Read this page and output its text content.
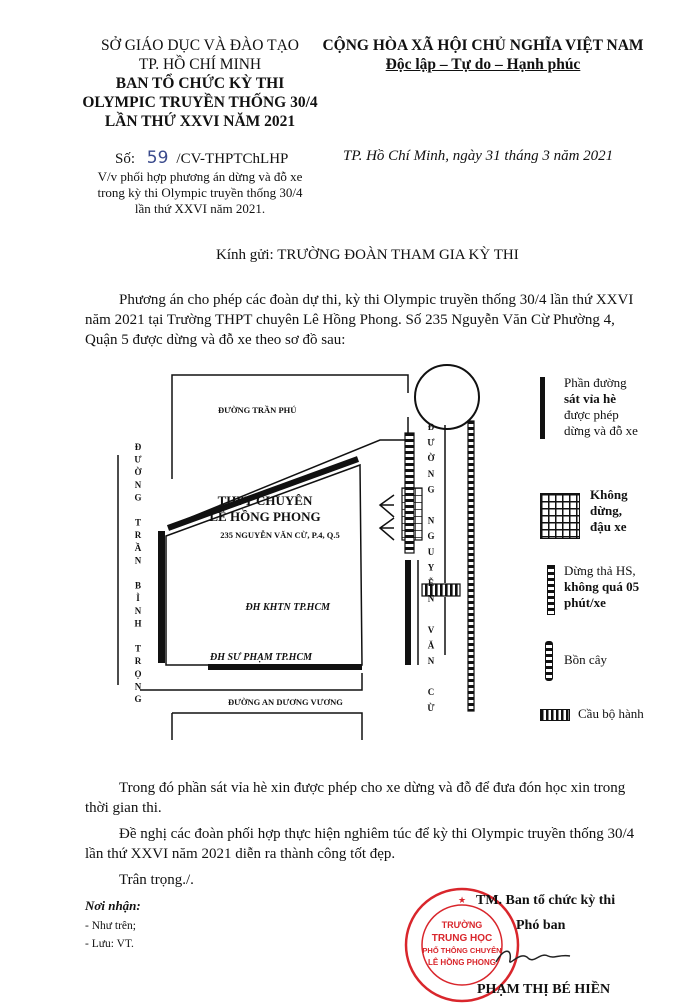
SỞ GIÁO DỤC VÀ ĐÀO TẠO
TP. HỒ CHÍ MINH
BAN TỔ CHỨC KỲ THI
OLYMPIC TRUYỀN THỐNG 30/4
LẦN THỨ XXVI NĂM 2021
CỘNG HÒA XÃ HỘI CHỦ NGHĨA VIỆT NAM
Độc lập – Tự do – Hạnh phúc
Số: 59 /CV-THPTChLHP
V/v phối hợp phương án dừng và đỗ xe
trong kỳ thi Olympic truyền thống 30/4
lần thứ XXVI năm 2021.
TP. Hồ Chí Minh, ngày 31 tháng 3 năm 2021
Kính gửi: TRƯỜNG ĐOÀN THAM GIA KỲ THI
Phương án cho phép các đoàn dự thi, kỳ thi Olympic truyền thống 30/4 lần thứ XXVI
năm 2021 tại Trường THPT chuyên Lê Hồng Phong. Số 235 Nguyễn Văn Cừ Phường 4,
Quận 5 được dừng và đỗ xe theo sơ đồ sau:
ĐƯỜNG TRẦN PHÚ
ĐƯỜNG AN DƯƠNG VƯƠNG
THPT CHUYÊN
LÊ HỒNG PHONG
235 NGUYỄN VĂN CỪ, P.4, Q.5
ĐH KHTN TP.HCM
ĐH SƯ PHẠM TP.HCM
Đ
Ư
Ờ
N
G
T
R
Ầ
N
B
Ì
N
H
T
R
Ọ
N
G
Đ
Ư
Ờ
N
G
N
G
U
Y
Ễ
N
V
Ă
N
C
Ừ
Phần đường
sát vỉa hè
được phép
dừng và đỗ xe
Không
dừng,
đậu xe
Dừng thả HS,
không quá 05
phút/xe
Bồn cây
Cầu bộ hành
Trong đó phần sát vỉa hè xin được phép cho xe dừng và đỗ để đưa đón học xin trong
thời gian thi.
Đề nghị các đoàn phối hợp thực hiện nghiêm túc để kỳ thi Olympic truyền thống 30/4
lần thứ XXVI năm 2021 diễn ra thành công tốt đẹp.
Trân trọng./.
Nơi nhận:
- Như trên;
- Lưu: VT.
TRƯỜNG
TRUNG HỌC
PHỔ THÔNG CHUYÊN
LÊ HỒNG PHONG
★ TM. Ban tổ chức kỳ thi
Phó ban
PHẠM THỊ BÉ HIỀN
